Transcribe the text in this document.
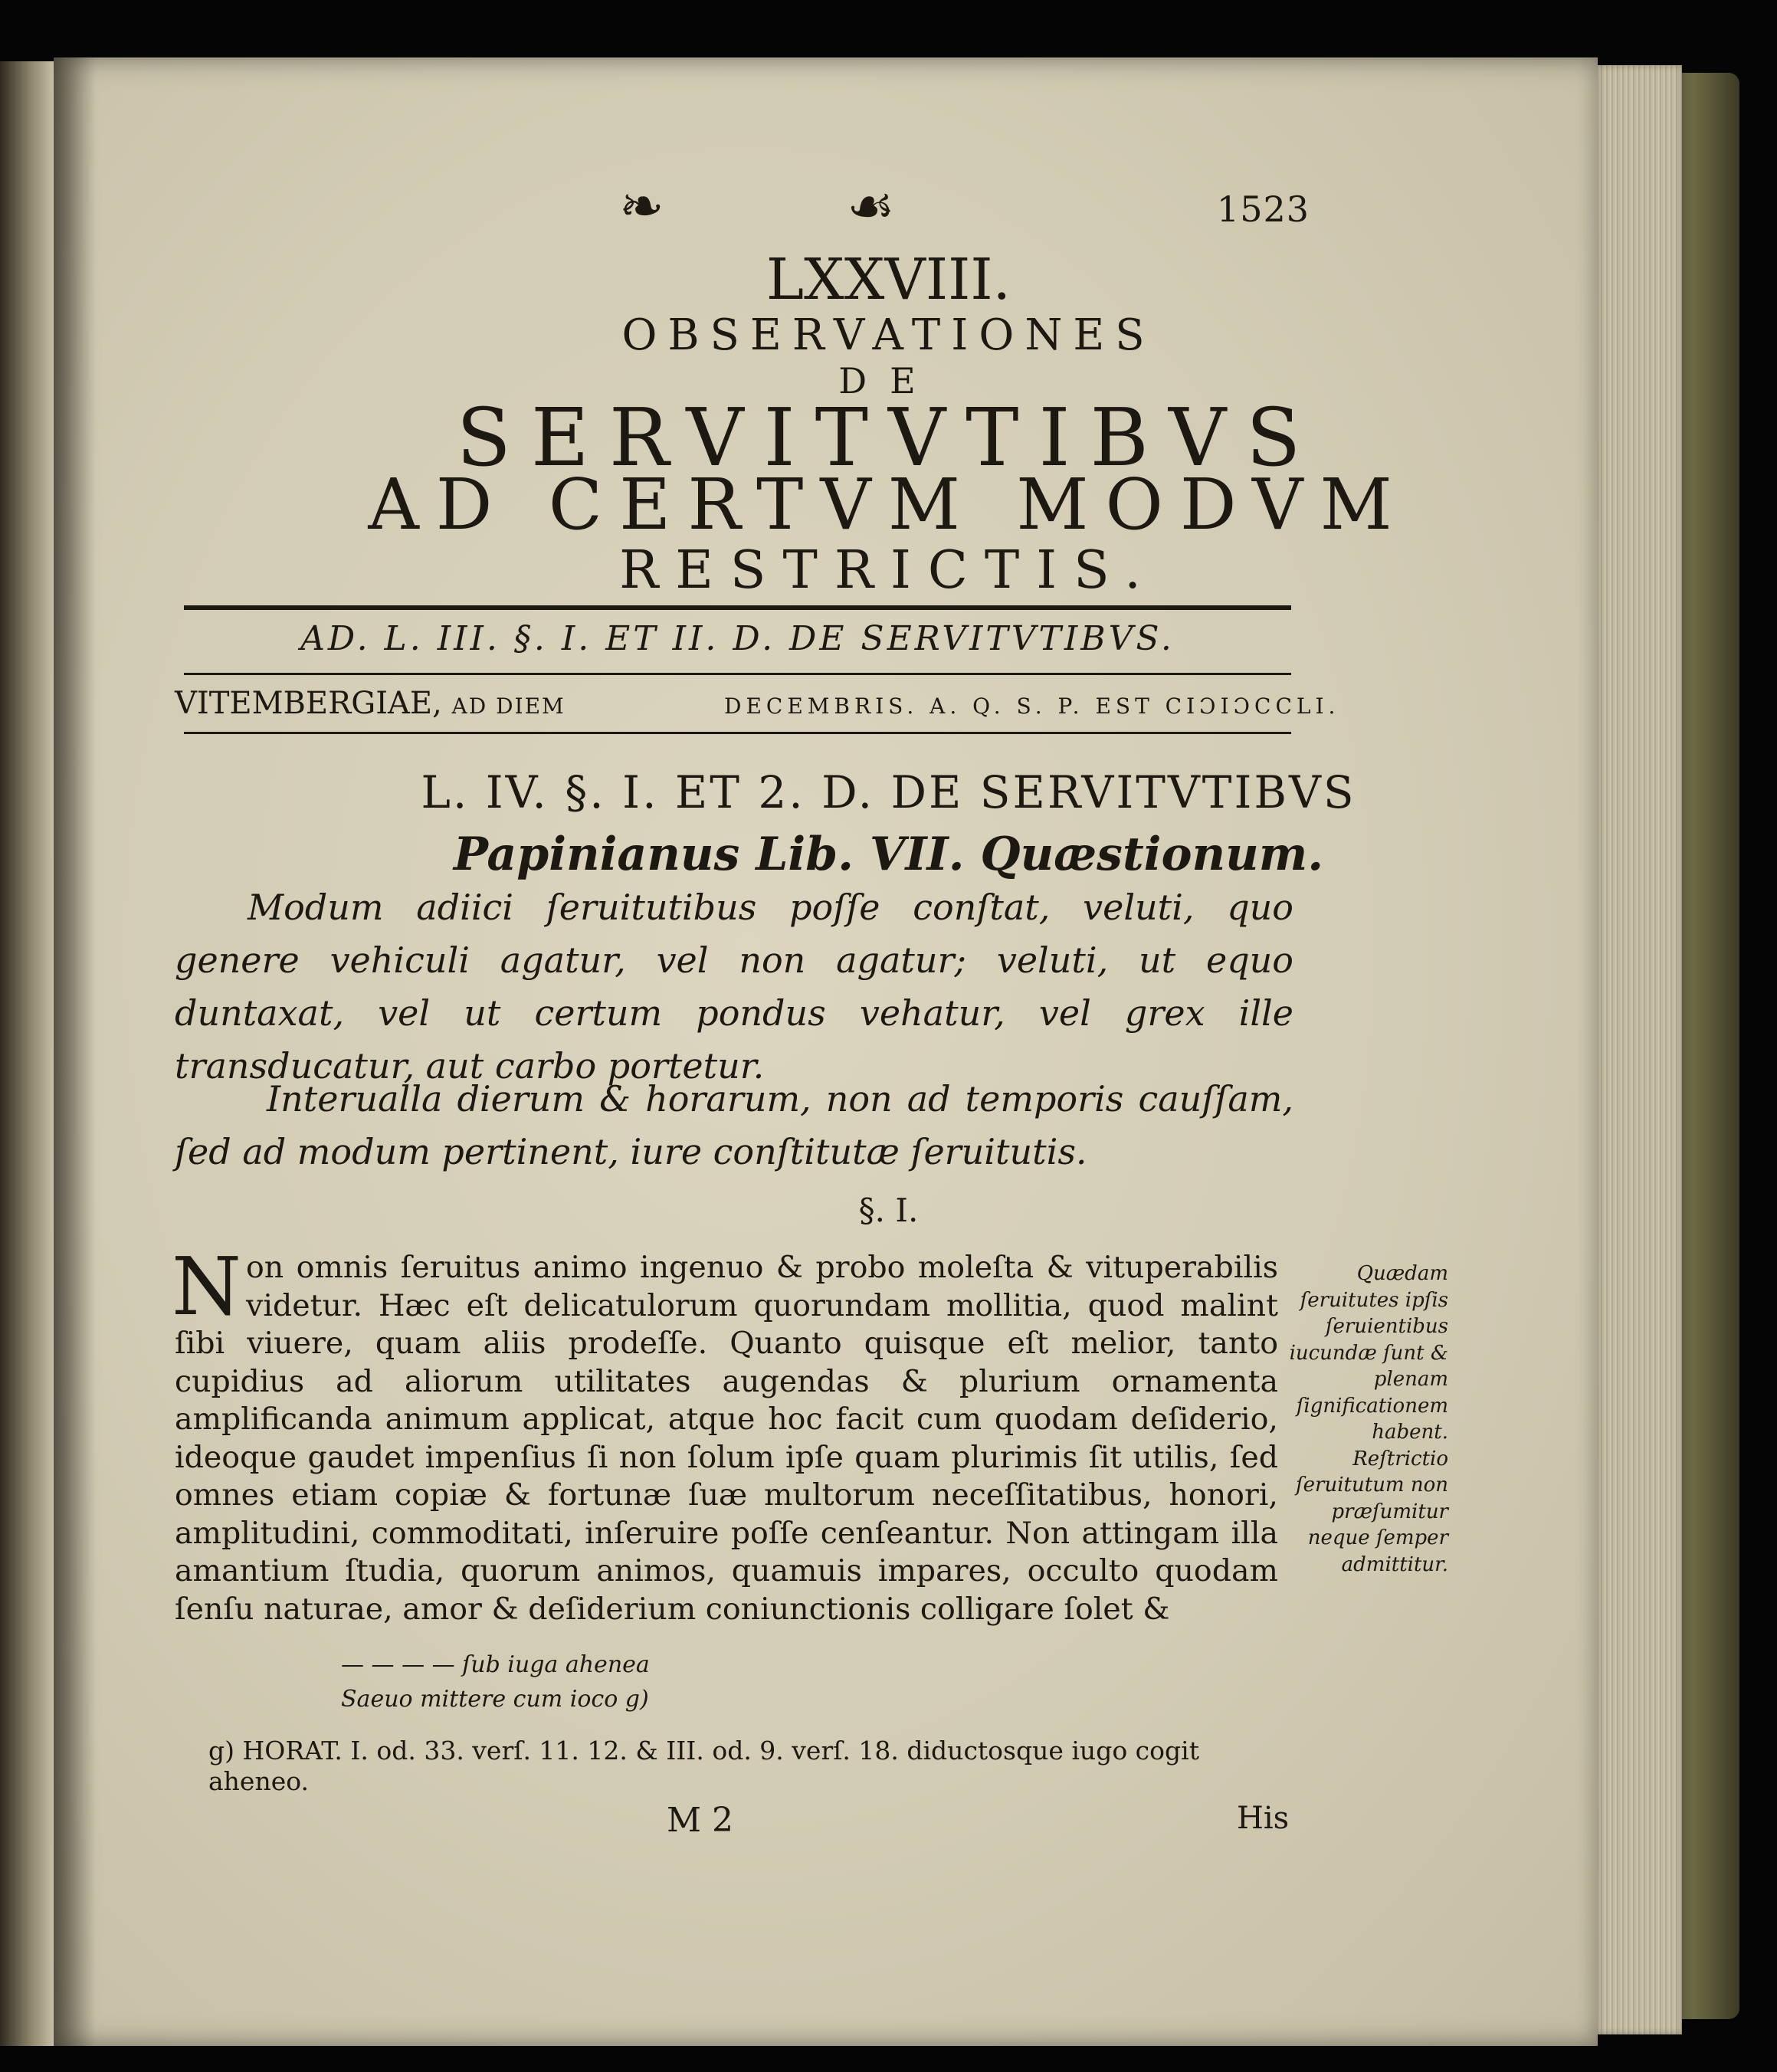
1523
❧	☙
LXXVIII.
OBSERVATIONES
DE
SERVITVTIBVS
AD CERTVM MODVM
RESTRICTIS.
AD. L. III. §. I. ET II. D. DE SERVITVTIBVS.
VITEMBERGIAE, AD DIEM	DECEMBRIS. A. Q. S. P. EST CIƆIƆCCLI.
L. IV. §. I. ET 2. D. DE SERVITVTIBVS
Papinianus Lib. VII. Quæstionum.
Modum adiici ſeruitutibus poſſe conſtat, veluti, quo genere vehiculi agatur, vel non agatur; veluti, ut equo duntaxat, vel ut certum pondus vehatur, vel grex ille transducatur, aut carbo portetur.
Interualla dierum & horarum, non ad temporis cauſſam, ſed ad modum pertinent, iure conſtitutæ ſeruitutis.
§. I.
Non omnis ſeruitus animo ingenuo & probo moleſta & vituperabilis videtur. Hæc eſt delicatulorum quorundam mollitia, quod malint ſibi viuere, quam aliis prodeſſe. Quanto quisque eſt melior, tanto cupidius ad aliorum utilitates augendas & plurium ornamenta amplificanda animum applicat, atque hoc facit cum quodam deſiderio, ideoque gaudet impenſius ſi non ſolum ipſe quam plurimis ſit utilis, ſed omnes etiam copiæ & fortunæ ſuæ multorum neceſſitatibus, honori, amplitudini, commoditati, inſeruire poſſe cenſeantur. Non attingam illa amantium ſtudia, quorum animos, quamuis impares, occulto quodam ſenſu naturae, amor & deſiderium coniunctionis colligare ſolet &
— — — — ſub iuga ahenea
Saeuo mittere cum ioco g)
g) HORAT. I. od. 33. verſ. 11. 12. & III. od. 9. verſ. 18. diductosque iugo cogit aheneo.
M 2	His
Quædam ſeruitutes ipſis ſeruientibus iucundæ ſunt & plenam ſignificationem habent. Reſtrictio ſeruitutum non præſumitur neque ſemper admittitur.
